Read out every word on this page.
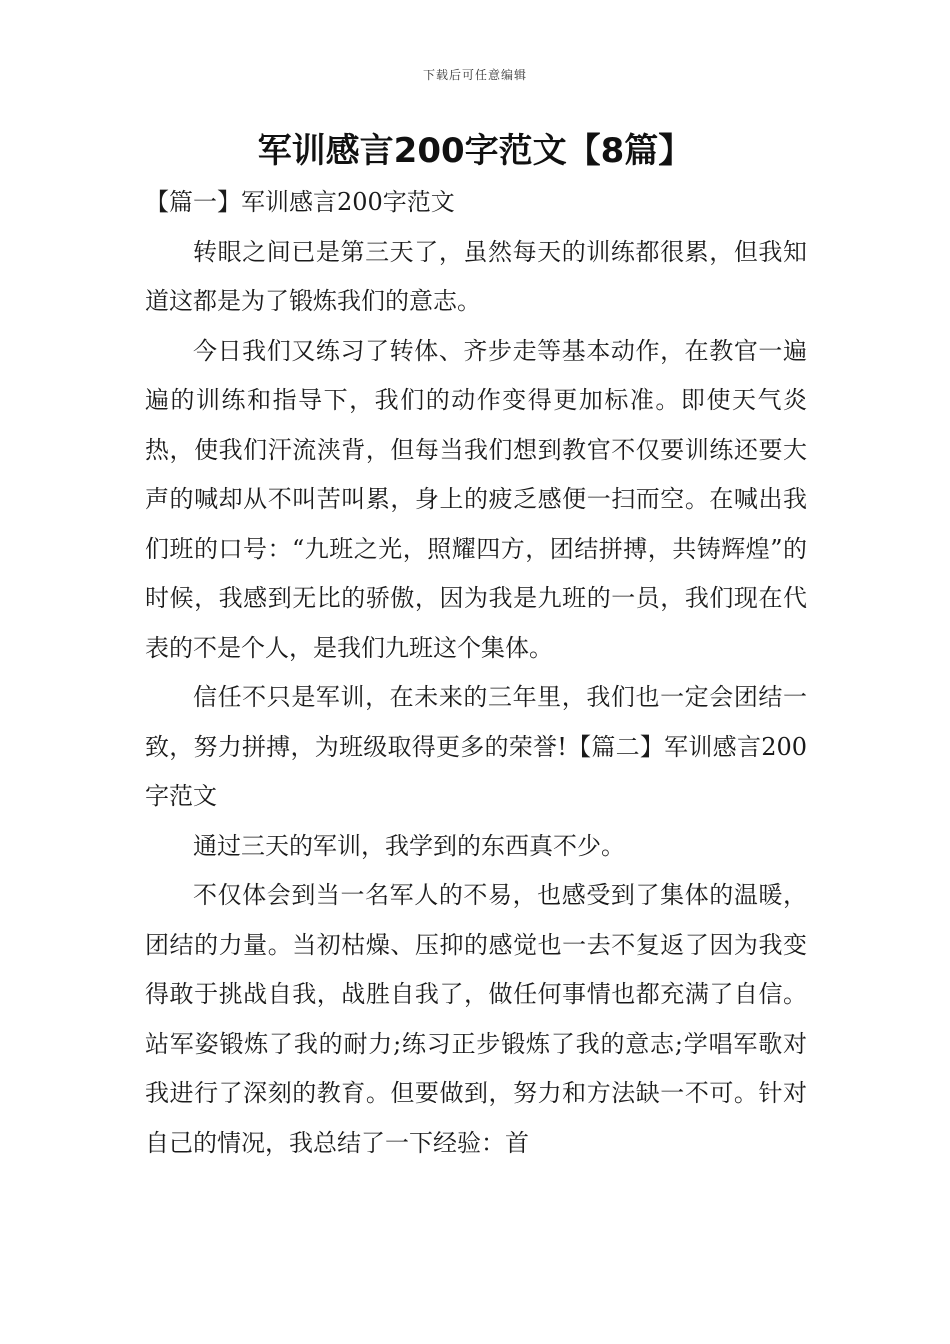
下载后可任意编辑
军训感言200字范文【8篇】

【篇一】军训感言200字范文

转眼之间已是第三天了，虽然每天的训练都很累，但我知道这都是为了锻炼我们的意志。

今日我们又练习了转体、齐步走等基本动作，在教官一遍遍的训练和指导下，我们的动作变得更加标准。即使天气炎热，使我们汗流浃背，但每当我们想到教官不仅要训练还要大声的喊却从不叫苦叫累，身上的疲乏感便一扫而空。在喊出我们班的口号：“九班之光，照耀四方，团结拼搏，共铸辉煌”的时候，我感到无比的骄傲，因为我是九班的一员，我们现在代表的不是个人，是我们九班这个集体。

信任不只是军训，在未来的三年里，我们也一定会团结一致，努力拼搏，为班级取得更多的荣誉!【篇二】军训感言200字范文

通过三天的军训，我学到的东西真不少。

不仅体会到当一名军人的不易，也感受到了集体的温暖，团结的力量。当初枯燥、压抑的感觉也一去不复返了因为我变得敢于挑战自我，战胜自我了，做任何事情也都充满了自信。站军姿锻炼了我的耐力;练习正步锻炼了我的意志;学唱军歌对我进行了深刻的教育。但要做到，努力和方法缺一不可。针对自己的情况，我总结了一下经验：首
